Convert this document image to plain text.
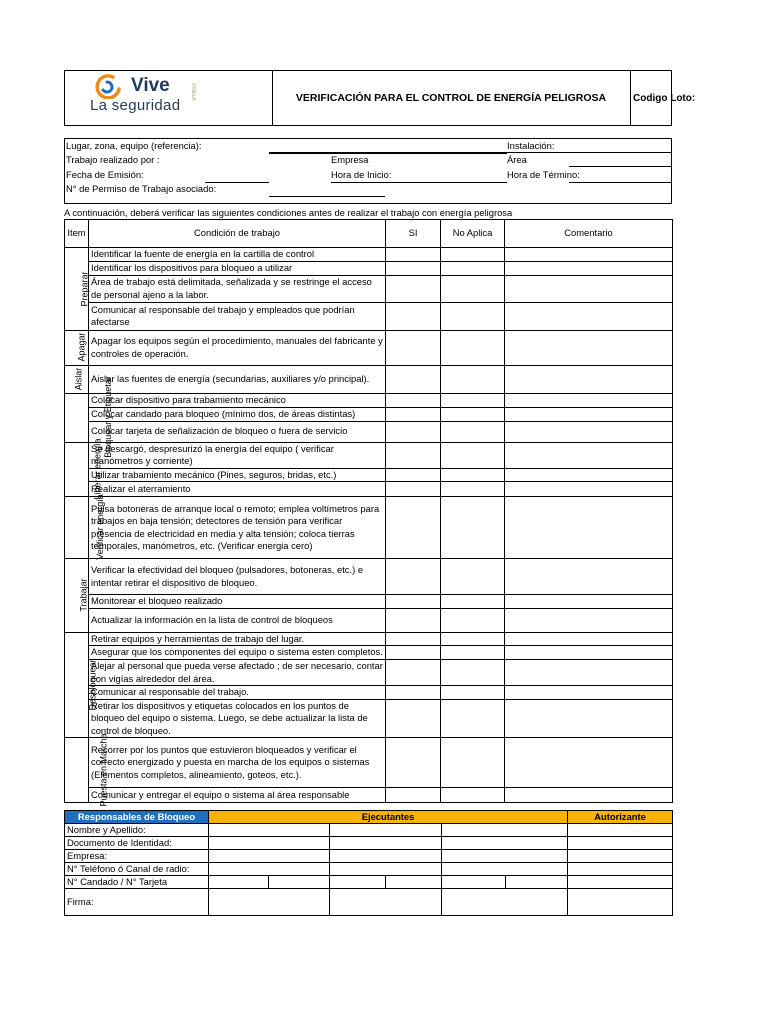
Vive
La seguridad
VIVELA	VERIFICACIÓN PARA EL CONTROL DE ENERGÍA PELIGROSA	Codigo Loto:
Lugar, zona, equipo (referencia):	Instalación:
Trabajo realizado por :	Empresa	Área
Fecha de Emisión:	Hora de Inicio:	Hora de Término:
N° de Permiso de Trabajo asociado:
A continuación, deberá verificar las siguientes condiciones antes de realizar el trabajo con energía peligrosa
Item	Condición de trabajo	SI	No Aplica	Comentario
Preparar	Identificar la fuente de energía en la cartilla de control			
	Identificar los dispositivos para bloqueo a utilizar			
	Área de trabajo está delimitada, señalizada y se restringe el acceso de personal ajeno a la labor.			
	Comunicar al responsable del trabajo y empleados que podrían afectarse			
Apagar	Apagar los equipos según el procedimiento, manuales del fabricante y controles de operación.			
Aislar	Aislar las fuentes de energía (secundarias, auxiliares y/o principal).			
Bloquear y Etiquetar	Colocar dispositivo para trabamiento mecánico			
	Colocar candado para bloqueo (mínimo dos, de áreas distintas)			
	Colocar tarjeta de señalización de bloqueo o fuera de servicio			
Liberar energía	Se descargó, despresurizó la energía del equipo ( verificar manómetros y corriente)			
	Utilizar trabamiento mecánico (Pines, seguros, bridas, etc.)			
	Realizar el aterramiento			
Verificar energía	Pulsa botoneras de arranque local o remoto; emplea voltímetros para trabajos en baja tensión; detectores de tensión para verificar presencia de electricidad en media y alta tensión; coloca tierras temporales, manómetros, etc. (Verificar energia cero)			
Trabajar	Verificar la efectividad del bloqueo (pulsadores, botoneras, etc.) e intentar retirar el dispositivo de bloqueo.			
	Monitorear el bloqueo realizado			
	Actualizar la información en la lista de control de bloqueos			
Desbloquear	Retirar equipos y herramientas de trabajo del lugar.			
	Asegurar que los componentes del equipo o sistema esten completos.			
	Alejar al personal que pueda verse afectado ; de ser necesario, contar con vigías alrededor del área.			
	Comunicar al responsable del trabajo.			
	Retirar los dispositivos y etiquetas colocados en los puntos de bloqueo del equipo o sistema. Luego, se debe actualizar la lista de control de bloqueo.			
Puesta en Marcha	Recorrer por los puntos que estuvieron bloqueados y verificar el correcto energizado y puesta en marcha de los equipos o sistemas (Elementos completos, alineamiento, goteos, etc.).			
	Comunicar y entregar el equipo o sistema al área responsable			
Responsables de Bloqueo	Ejecutantes						Autorizante
Nombre y Apellido:							
Documento de Identidad:							
Empresa:							
N° Teléfono ó Canal de radio:							
N° Candado / N° Tarjeta							
Firma:							
